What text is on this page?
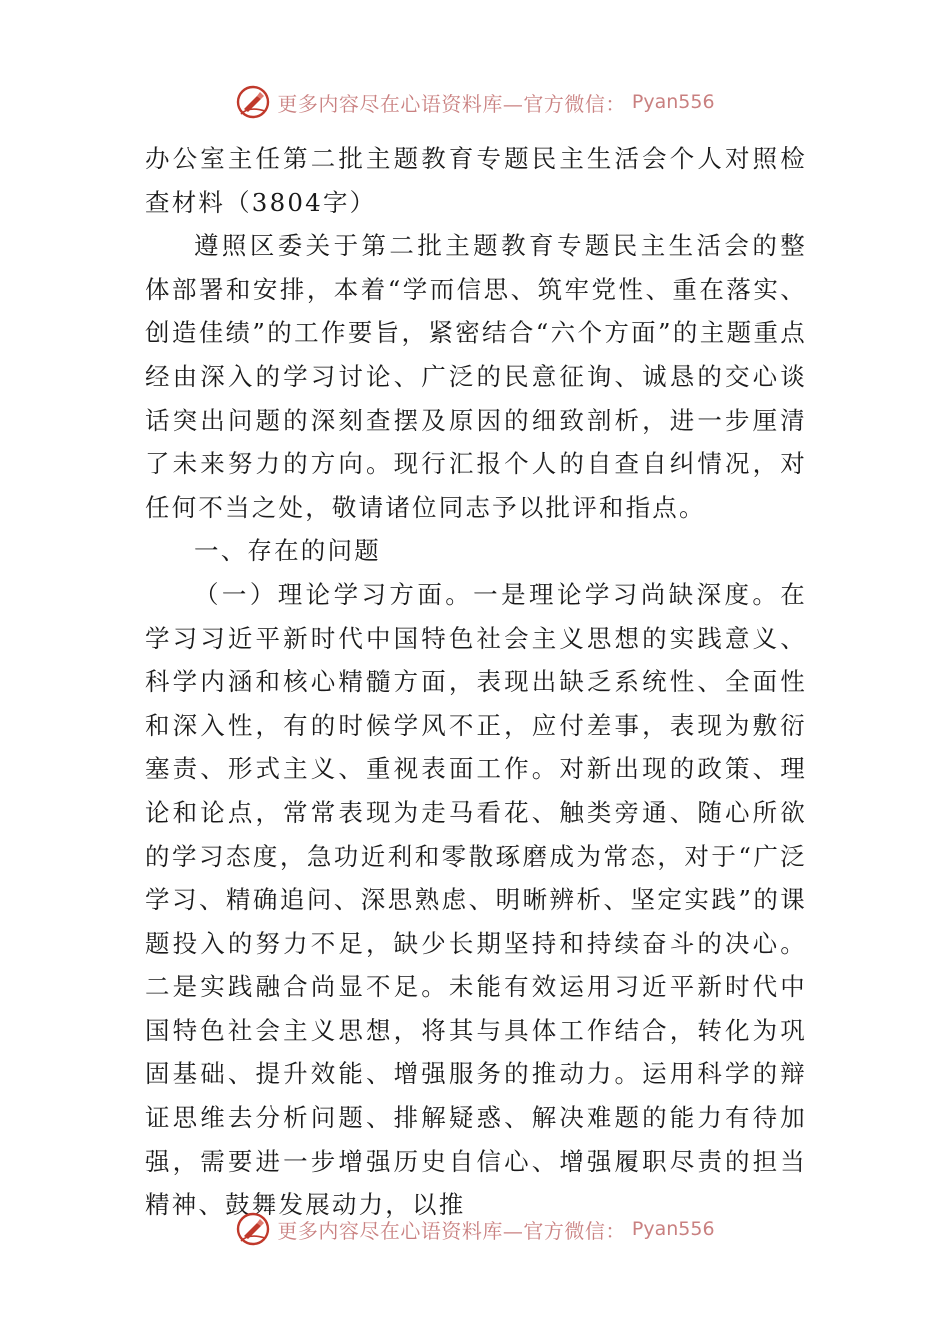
更多内容尽在心语资料库—官方微信： Pyan556

办公室主任第二批主题教育专题民主生活会个人对照检查材料（3804字）

遵照区委关于第二批主题教育专题民主生活会的整体部署和安排，本着“学而信思、筑牢党性、重在落实、创造佳绩”的工作要旨，紧密结合“六个方面”的主题重点经由深入的学习讨论、广泛的民意征询、诚恳的交心谈话突出问题的深刻查摆及原因的细致剖析，进一步厘清了未来努力的方向。现行汇报个人的自查自纠情况，对任何不当之处，敬请诸位同志予以批评和指点。

一、存在的问题

（一）理论学习方面。一是理论学习尚缺深度。在学习习近平新时代中国特色社会主义思想的实践意义、科学内涵和核心精髓方面，表现出缺乏系统性、全面性和深入性，有的时候学风不正，应付差事，表现为敷衍塞责、形式主义、重视表面工作。对新出现的政策、理论和论点，常常表现为走马看花、触类旁通、随心所欲的学习态度，急功近利和零散琢磨成为常态，对于“广泛学习、精确追问、深思熟虑、明晰辨析、坚定实践”的课题投入的努力不足，缺少长期坚持和持续奋斗的决心。二是实践融合尚显不足。未能有效运用习近平新时代中国特色社会主义思想，将其与具体工作结合，转化为巩固基础、提升效能、增强服务的推动力。运用科学的辩证思维去分析问题、排解疑惑、解决难题的能力有待加强，需要进一步增强历史自信心、增强履职尽责的担当精神、鼓舞发展动力，以推

更多内容尽在心语资料库—官方微信： Pyan556
